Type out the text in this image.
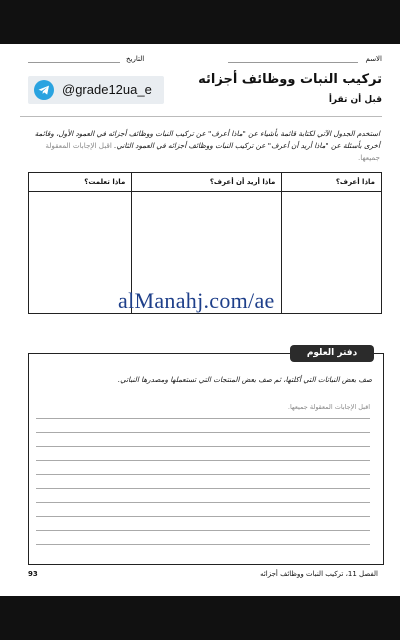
الاسم
التاريخ
تركيب النبات ووظائف أجزائه
قبل أن تقرأ
@grade12ua_e
استخدم الجدول الآتي لكتابة قائمة بأشياء عن "ماذا أعرف" عن تركيب النبات ووظائف أجزائه في العمود الأول، وقائمة أخرى بأسئلة عن "ماذا أريد أن أعرف" عن تركيب النبات ووظائف أجزائه في العمود الثاني. اقبل الإجابات المعقولة جميعها.
ماذا أعرف؟	ماذا أريد أن أعرف؟	ماذا تعلمت؟

alManahj.com/ae
دفتر العلوم
صف بعض النباتات التي أكلتها، ثم صف بعض المنتجات التي تستعملها ومصدرها النباتي.
اقبل الإجابات المعقولة جميعها.
الفصل 11، تركيب النبات ووظائف أجزائه
93
